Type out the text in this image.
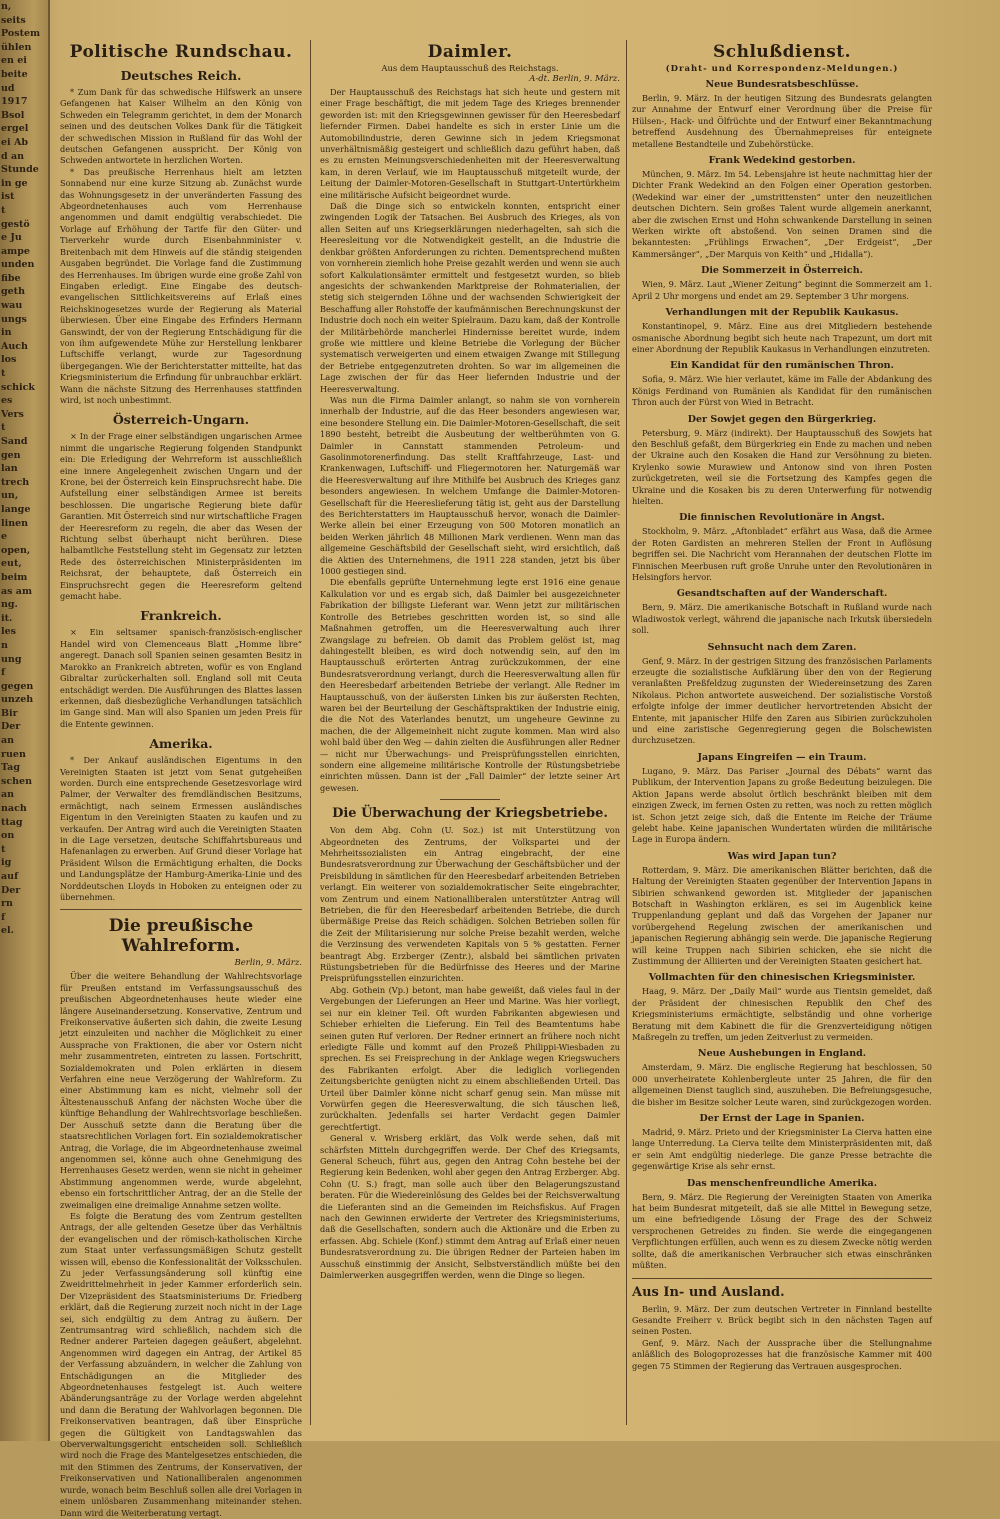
n,
seits
Postem
ühlen
en ei
beite
ud
1917
Bsol
ergel
ei Ab
d an
Stunde
in ge
ist
t
gestö
e Ju
ampe
unden
fibe
geth
wau
ungs
in
Auch
los
t
schick
es
Vers
t
Sand
gen
lan
trech
un,
lange
linen
e
open,
eut,
beim
as am
ng.
it.
les
n
ung
f
gegen
unzeh
Bir
Der
an
ruen
Tag
schen
an
nach
ttag
on
t
ig
auf
Der
rn
f
el.
Politische Rundschau.
Deutsches Reich.

* Zum Dank für das schwedische Hilfswerk an unsere Gefangenen hat Kaiser Wilhelm an den König von Schweden ein Telegramm gerichtet, in dem der Monarch seinen und des deutschen Volkes Dank für die Tätigkeit der schwedischen Mission in Rußland für das Wohl der deutschen Gefangenen ausspricht. Der König von Schweden antwortete in herzlichen Worten.

* Das preußische Herrenhaus hielt am letzten Sonnabend nur eine kurze Sitzung ab. Zunächst wurde das Wohnungsgesetz in der unveränderten Fassung des Abgeordnetenhauses auch vom Herrenhause angenommen und damit endgültig verabschiedet. Die Vorlage auf Erhöhung der Tarife für den Güter- und Tierverkehr wurde durch Eisenbahnminister v. Breitenbach mit dem Hinweis auf die ständig steigenden Ausgaben begründet. Die Vorlage fand die Zustimmung des Herrenhauses. Im übrigen wurde eine große Zahl von Eingaben erledigt. Eine Eingabe des deutsch-evangelischen Sittlichkeitsvereins auf Erlaß eines Reichskinogesetzes wurde der Regierung als Material überwiesen. Über eine Eingabe des Erfinders Hermann Ganswindt, der von der Regierung Entschädigung für die von ihm aufgewendete Mühe zur Herstellung lenkbarer Luftschiffe verlangt, wurde zur Tagesordnung übergegangen. Wie der Berichterstatter mitteilte, hat das Kriegsministerium die Erfindung für unbrauchbar erklärt. Wann die nächste Sitzung des Herrenhauses stattfinden wird, ist noch unbestimmt.

Österreich-Ungarn.

× In der Frage einer selbständigen ungarischen Armee nimmt die ungarische Regierung folgenden Standpunkt ein: Die Erledigung der Wehrreform ist ausschließlich eine innere Angelegenheit zwischen Ungarn und der Krone, bei der Österreich kein Einspruchsrecht habe. Die Aufstellung einer selbständigen Armee ist bereits beschlossen. Die ungarische Regierung biete dafür Garantien. Mit Österreich sind nur wirtschaftliche Fragen der Heeresreform zu regeln, die aber das Wesen der Richtung selbst überhaupt nicht berühren. Diese halbamtliche Feststellung steht im Gegensatz zur letzten Rede des österreichischen Ministerpräsidenten im Reichsrat, der behauptete, daß Österreich ein Einspruchsrecht gegen die Heeresreform geltend gemacht habe.

Frankreich.

× Ein seltsamer spanisch-französisch-englischer Handel wird von Clemenceaus Blatt „Homme libre“ angeregt. Danach soll Spanien seinen gesamten Besitz in Marokko an Frankreich abtreten, wofür es von England Gibraltar zurückerhalten soll. England soll mit Ceuta entschädigt werden. Die Ausführungen des Blattes lassen erkennen, daß diesbezügliche Verhandlungen tatsächlich im Gange sind. Man will also Spanien um jeden Preis für die Entente gewinnen.

Amerika.

* Der Ankauf ausländischen Eigentums in den Vereinigten Staaten ist jetzt vom Senat gutgeheißen worden. Durch eine entsprechende Gesetzesvorlage wird Palmer, der Verwalter des fremdländischen Besitzums, ermächtigt, nach seinem Ermessen ausländisches Eigentum in den Vereinigten Staaten zu kaufen und zu verkaufen. Der Antrag wird auch die Vereinigten Staaten in die Lage versetzen, deutsche Schiffahrtsbureaus und Hafenanlagen zu erwerben. Auf Grund dieser Vorlage hat Präsident Wilson die Ermächtigung erhalten, die Docks und Landungsplätze der Hamburg-Amerika-Linie und des Norddeutschen Lloyds in Hoboken zu enteignen oder zu übernehmen.

Die preußische Wahlreform.

Berlin, 9. März.

Über die weitere Behandlung der Wahlrechtsvorlage für Preußen entstand im Verfassungsausschuß des preußischen Abgeordnetenhauses heute wieder eine längere Auseinandersetzung. Konservative, Zentrum und Freikonservative äußerten sich dahin, die zweite Lesung jetzt einzuleiten und nachher die Möglichkeit zu einer Aussprache von Fraktionen, die aber vor Ostern nicht mehr zusammentreten, eintreten zu lassen. Fortschritt, Sozialdemokraten und Polen erklärten in diesem Verfahren eine neue Verzögerung der Wahlreform. Zu einer Abstimmung kam es nicht, vielmehr soll der Ältestenausschuß Anfang der nächsten Woche über die künftige Behandlung der Wahlrechtsvorlage beschließen. Der Ausschuß setzte dann die Beratung über die staatsrechtlichen Vorlagen fort. Ein sozialdemokratischer Antrag, die Vorlage, die im Abgeordnetenhause zweimal angenommen sei, könne auch ohne Genehmigung des Herrenhauses Gesetz werden, wenn sie nicht in geheimer Abstimmung angenommen werde, wurde abgelehnt, ebenso ein fortschrittlicher Antrag, der an die Stelle der zweimaligen eine dreimalige Annahme setzen wollte.

Es folgte die Beratung des vom Zentrum gestellten Antrags, der alle geltenden Gesetze über das Verhältnis der evangelischen und der römisch-katholischen Kirche zum Staat unter verfassungsmäßigen Schutz gestellt wissen will, ebenso die Konfessionalität der Volksschulen. Zu jeder Verfassungsänderung soll künftig eine Zweidrittelmehrheit in jeder Kammer erforderlich sein. Der Vizepräsident des Staatsministeriums Dr. Friedberg erklärt, daß die Regierung zurzeit noch nicht in der Lage sei, sich endgültig zu dem Antrag zu äußern. Der Zentrumsantrag wird schließlich, nachdem sich die Redner anderer Parteien dagegen geäußert, abgelehnt. Angenommen wird dagegen ein Antrag, der Artikel 85 der Verfassung abzuändern, in welcher die Zahlung von Entschädigungen an die Mitglieder des Abgeordnetenhauses festgelegt ist. Auch weitere Abänderungsanträge zu der Vorlage werden abgelehnt und dann die Beratung der Wahlvorlagen begonnen. Die Freikonservativen beantragen, daß über Einsprüche gegen die Gültigkeit von Landtagswahlen das Oberverwaltungsgericht entscheiden soll. Schließlich wird noch die Frage des Mantelgesetzes entschieden, die mit den Stimmen des Zentrums, der Konservativen, der Freikonservativen und Nationalliberalen angenommen wurde, wonach beim Beschluß sollen alle drei Vorlagen in einem unlösbaren Zusammenhang miteinander stehen. Dann wird die Weiterberatung vertagt.

Daimler.

Aus dem Hauptausschuß des Reichstags.

A-dt. Berlin, 9. März.

Der Hauptausschuß des Reichstags hat sich heute und gestern mit einer Frage beschäftigt, die mit jedem Tage des Krieges brennender geworden ist: mit den Kriegsgewinnen gewisser für den Heeresbedarf liefernder Firmen. Dabei handelte es sich in erster Linie um die Automobilindustrie, deren Gewinne sich in jedem Kriegsmonat unverhältnismäßig gesteigert und schließlich dazu geführt haben, daß es zu ernsten Meinungsverschiedenheiten mit der Heeresverwaltung kam, in deren Verlauf, wie im Hauptausschuß mitgeteilt wurde, der Leitung der Daimler-Motoren-Gesellschaft in Stuttgart-Untertürkheim eine militärische Aufsicht beigeordnet wurde.

Daß die Dinge sich so entwickeln konnten, entspricht einer zwingenden Logik der Tatsachen. Bei Ausbruch des Krieges, als von allen Seiten auf uns Kriegserklärungen niederhagelten, sah sich die Heeresleitung vor die Notwendigkeit gestellt, an die Industrie die denkbar größten Anforderungen zu richten. Dementsprechend mußten von vornherein ziemlich hohe Preise gezahlt werden und wenn sie auch sofort Kalkulationsämter ermittelt und festgesetzt wurden, so blieb angesichts der schwankenden Marktpreise der Rohmaterialien, der stetig sich steigernden Löhne und der wachsenden Schwierigkeit der Beschaffung aller Rohstoffe der kaufmännischen Berechnungskunst der Industrie doch noch ein weiter Spielraum. Dazu kam, daß der Kontrolle der Militärbehörde mancherlei Hindernisse bereitet wurde, indem große wie mittlere und kleine Betriebe die Vorlegung der Bücher systematisch verweigerten und einem etwaigen Zwange mit Stillegung der Betriebe entgegenzutreten drohten. So war im allgemeinen die Lage zwischen der für das Heer liefernden Industrie und der Heeresverwaltung.

Was nun die Firma Daimler anlangt, so nahm sie von vornherein innerhalb der Industrie, auf die das Heer besonders angewiesen war, eine besondere Stellung ein. Die Daimler-Motoren-Gesellschaft, die seit 1890 besteht, betreibt die Ausbeutung der weltberühmten von G. Daimler in Cannstatt stammenden Petroleum- und Gasolinmotorenerfindung. Das stellt Kraftfahrzeuge, Last- und Krankenwagen, Luftschiff- und Fliegermotoren her. Naturgemäß war die Heeresverwaltung auf ihre Mithilfe bei Ausbruch des Krieges ganz besonders angewiesen. In welchem Umfange die Daimler-Motoren-Gesellschaft für die Heereslieferung tätig ist, geht aus der Darstellung des Berichterstatters im Hauptausschuß hervor, wonach die Daimler-Werke allein bei einer Erzeugung von 500 Motoren monatlich an beiden Werken jährlich 48 Millionen Mark verdienen. Wenn man das allgemeine Geschäftsbild der Gesellschaft sieht, wird ersichtlich, daß die Aktien des Unternehmens, die 1911 228 standen, jetzt bis über 1000 gestiegen sind.

Die ebenfalls geprüfte Unternehmung legte erst 1916 eine genaue Kalkulation vor und es ergab sich, daß Daimler bei ausgezeichneter Fabrikation der billigste Lieferant war. Wenn jetzt zur militärischen Kontrolle des Betriebes geschritten worden ist, so sind alle Maßnahmen getroffen, um die Heeresverwaltung auch ihrer Zwangslage zu befreien. Ob damit das Problem gelöst ist, mag dahingestellt bleiben, es wird doch notwendig sein, auf den im Hauptausschuß erörterten Antrag zurückzukommen, der eine Bundesratsverordnung verlangt, durch die Heeresverwaltung allen für den Heeresbedarf arbeitenden Betriebe der verlangt. Alle Redner im Hauptausschuß, von der äußersten Linken bis zur äußersten Rechten, waren bei der Beurteilung der Geschäftspraktiken der Industrie einig, die die Not des Vaterlandes benutzt, um ungeheure Gewinne zu machen, die der Allgemeinheit nicht zugute kommen. Man wird also wohl bald über den Weg — dahin zielten die Ausführungen aller Redner — nicht nur Überwachungs- und Preisprüfungsstellen einrichten, sondern eine allgemeine militärische Kontrolle der Rüstungsbetriebe einrichten müssen. Dann ist der „Fall Daimler“ der letzte seiner Art gewesen.

Die Überwachung der Kriegsbetriebe.

Von dem Abg. Cohn (U. Soz.) ist mit Unterstützung von Abgeordneten des Zentrums, der Volkspartei und der Mehrheitssozialisten ein Antrag eingebracht, der eine Bundesratsverordnung zur Überwachung der Geschäftsbücher und der Preisbildung in sämtlichen für den Heeresbedarf arbeitenden Betrieben verlangt. Ein weiterer von sozialdemokratischer Seite eingebrachter, vom Zentrum und einem Nationalliberalen unterstützter Antrag will Betrieben, die für den Heeresbedarf arbeitenden Betriebe, die durch übermäßige Preise das Reich schädigen. Solchen Betrieben sollen für die Zeit der Militarisierung nur solche Preise bezahlt werden, welche die Verzinsung des verwendeten Kapitals von 5 % gestatten. Ferner beantragt Abg. Erzberger (Zentr.), alsbald bei sämtlichen privaten Rüstungsbetrieben für die Bedürfnisse des Heeres und der Marine Preisprüfungsstellen einzurichten.

Abg. Gothein (Vp.) betont, man habe geweißt, daß vieles faul in der Vergebungen der Lieferungen an Heer und Marine. Was hier vorliegt, sei nur ein kleiner Teil. Oft wurden Fabrikanten abgewiesen und Schieber erhielten die Lieferung. Ein Teil des Beamtentums habe seinen guten Ruf verloren. Der Redner erinnert an frühere noch nicht erledigte Fälle und kommt auf den Prozeß Philippi-Wiesbaden zu sprechen. Es sei Freisprechung in der Anklage wegen Kriegswuchers des Fabrikanten erfolgt. Aber die lediglich vorliegenden Zeitungsberichte genügten nicht zu einem abschließenden Urteil. Das Urteil über Daimler könne nicht scharf genug sein. Man müsse mit Vorwürfen gegen die Heeresverwaltung, die sich täuschen ließ, zurückhalten. Jedenfalls sei harter Verdacht gegen Daimler gerechtfertigt.

General v. Wrisberg erklärt, das Volk werde sehen, daß mit schärfsten Mitteln durchgegriffen werde. Der Chef des Kriegsamts, General Scheuch, führt aus, gegen den Antrag Cohn bestehe bei der Regierung kein Bedenken, wohl aber gegen den Antrag Erzberger. Abg. Cohn (U. S.) fragt, man solle auch über den Belagerungszustand beraten. Für die Wiedereinlösung des Geldes bei der Reichsverwaltung die Lieferanten sind an die Gemeinden im Reichsfiskus. Auf Fragen nach den Gewinnen erwiderte der Vertreter des Kriegsministeriums, daß die Gesellschaften, sondern auch die Aktionäre und die Erben zu erfassen. Abg. Schiele (Konf.) stimmt dem Antrag auf Erlaß einer neuen Bundesratsverordnung zu. Die übrigen Redner der Parteien haben im Ausschuß einstimmig der Ansicht, Selbstverständlich müßte bei den Daimlerwerken ausgegriffen werden, wenn die Dinge so liegen.

Schlußdienst.

(Draht- und Korrespondenz-Meldungen.)

Neue Bundesratsbeschlüsse.

Berlin, 9. März. In der heutigen Sitzung des Bundesrats gelangten zur Annahme der Entwurf einer Verordnung über die Preise für Hülsen-, Hack- und Ölfrüchte und der Entwurf einer Bekanntmachung betreffend Ausdehnung des Übernahmepreises für enteignete metallene Bestandteile und Zubehörstücke.

Frank Wedekind gestorben.

München, 9. März. Im 54. Lebensjahre ist heute nachmittag hier der Dichter Frank Wedekind an den Folgen einer Operation gestorben. (Wedekind war einer der „umstrittensten“ unter den neuzeitlichen deutschen Dichtern. Sein großes Talent wurde allgemein anerkannt, aber die zwischen Ernst und Hohn schwankende Darstellung in seinen Werken wirkte oft abstoßend. Von seinen Dramen sind die bekanntesten: „Frühlings Erwachen“, „Der Erdgeist“, „Der Kammersänger“, „Der Marquis von Keith“ und „Hidalla“).

Die Sommerzeit in Österreich.

Wien, 9. März. Laut „Wiener Zeitung“ beginnt die Sommerzeit am 1. April 2 Uhr morgens und endet am 29. September 3 Uhr morgens.

Verhandlungen mit der Republik Kaukasus.

Konstantinopel, 9. März. Eine aus drei Mitgliedern bestehende osmanische Abordnung begibt sich heute nach Trapezunt, um dort mit einer Abordnung der Republik Kaukasus in Verhandlungen einzutreten.

Ein Kandidat für den rumänischen Thron.

Sofia, 9. März. Wie hier verlautet, käme im Falle der Abdankung des Königs Ferdinand von Rumänien als Kandidat für den rumänischen Thron auch der Fürst von Wied in Betracht.

Der Sowjet gegen den Bürgerkrieg.

Petersburg, 9. März (indirekt). Der Hauptausschuß des Sowjets hat den Beschluß gefaßt, dem Bürgerkrieg ein Ende zu machen und neben der Ukraine auch den Kosaken die Hand zur Versöhnung zu bieten. Krylenko sowie Murawiew und Antonow sind von ihren Posten zurückgetreten, weil sie die Fortsetzung des Kampfes gegen die Ukraine und die Kosaken bis zu deren Unterwerfung für notwendig hielten.

Die finnischen Revolutionäre in Angst.

Stockholm, 9. März. „Aftonbladet“ erfährt aus Wasa, daß die Armee der Roten Gardisten an mehreren Stellen der Front in Auflösung begriffen sei. Die Nachricht vom Herannahen der deutschen Flotte im Finnischen Meerbusen ruft große Unruhe unter den Revolutionären in Helsingfors hervor.

Gesandtschaften auf der Wanderschaft.

Bern, 9. März. Die amerikanische Botschaft in Rußland wurde nach Wladiwostok verlegt, während die japanische nach Irkutsk übersiedeln soll.

Sehnsucht nach dem Zaren.

Genf, 9. März. In der gestrigen Sitzung des französischen Parlaments erzeugte die sozialistische Aufklärung über den von der Regierung veranlaßten Preßfeldzug zugunsten der Wiedereinsetzung des Zaren Nikolaus. Pichon antwortete ausweichend. Der sozialistische Vorstoß erfolgte infolge der immer deutlicher hervortretenden Absicht der Entente, mit japanischer Hilfe den Zaren aus Sibirien zurückzuholen und eine zaristische Gegenregierung gegen die Bolschewisten durchzusetzen.

Japans Eingreifen — ein Traum.

Lugano, 9. März. Das Pariser „Journal des Débats“ warnt das Publikum, der Intervention Japans zu große Bedeutung beizulegen. Die Aktion Japans werde absolut örtlich beschränkt bleiben mit dem einzigen Zweck, im fernen Osten zu retten, was noch zu retten möglich ist. Schon jetzt zeige sich, daß die Entente im Reiche der Träume gelebt habe. Keine japanischen Wundertaten würden die militärische Lage in Europa ändern.

Was wird Japan tun?

Rotterdam, 9. März. Die amerikanischen Blätter berichten, daß die Haltung der Vereinigten Staaten gegenüber der Intervention Japans in Sibirien schwankend geworden ist. Mitglieder der japanischen Botschaft in Washington erklären, es sei im Augenblick keine Truppenlandung geplant und daß das Vorgehen der Japaner nur vorübergehend Regelung zwischen der amerikanischen und japanischen Regierung abhängig sein werde. Die japanische Regierung will keine Truppen nach Sibirien schicken, ehe sie nicht die Zustimmung der Alliierten und der Vereinigten Staaten gesichert hat.

Vollmachten für den chinesischen Kriegsminister.

Haag, 9. März. Der „Daily Mail“ wurde aus Tientsin gemeldet, daß der Präsident der chinesischen Republik den Chef des Kriegsministeriums ermächtigte, selbständig und ohne vorherige Beratung mit dem Kabinett die für die Grenzverteidigung nötigen Maßregeln zu treffen, um jeden Zeitverlust zu vermeiden.

Neue Aushebungen in England.

Amsterdam, 9. März. Die englische Regierung hat beschlossen, 50 000 unverheiratete Kohlenbergleute unter 25 Jahren, die für den allgemeinen Dienst tauglich sind, auszuheben. Die Befreiungsgesuche, die bisher im Besitze solcher Leute waren, sind zurückgezogen worden.

Der Ernst der Lage in Spanien.

Madrid, 9. März. Prieto und der Kriegsminister La Cierva hatten eine lange Unterredung. La Cierva teilte dem Ministerpräsidenten mit, daß er sein Amt endgültig niederlege. Die ganze Presse betrachte die gegenwärtige Krise als sehr ernst.

Das menschenfreundliche Amerika.

Bern, 9. März. Die Regierung der Vereinigten Staaten von Amerika hat beim Bundesrat mitgeteilt, daß sie alle Mittel in Bewegung setze, um eine befriedigende Lösung der Frage des der Schweiz versprochenen Getreides zu finden. Sie werde die eingegangenen Verpflichtungen erfüllen, auch wenn es zu diesem Zwecke nötig werden sollte, daß die amerikanischen Verbraucher sich etwas einschränken müßten.

Aus In- und Ausland.

Berlin, 9. März. Der zum deutschen Vertreter in Finnland bestellte Gesandte Freiherr v. Brück begibt sich in den nächsten Tagen auf seinen Posten.

Genf, 9. März. Nach der Aussprache über die Stellungnahme anläßlich des Bologoprozesses hat die französische Kammer mit 400 gegen 75 Stimmen der Regierung das Vertrauen ausgesprochen.
